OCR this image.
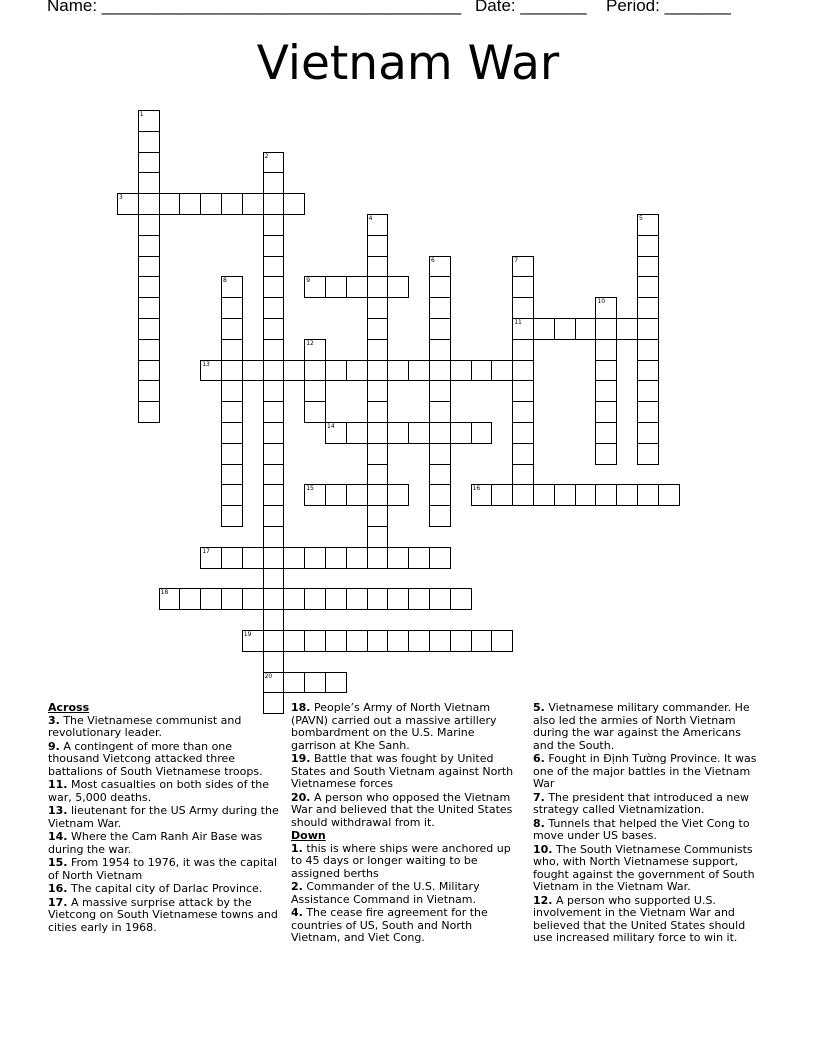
Name: ______________________________________ Date: _______ Period: _______
Vietnam War
1
2
3
4	5
6	7
8	9
10
11
12
13
14
15	16
17
18
19
20
Across
3. The Vietnamese communist and revolutionary leader.
9. A contingent of more than one thousand Vietcong attacked three battalions of South Vietnamese troops.
11. Most casualties on both sides of the war, 5,000 deaths.
13. lieutenant for the US Army during the Vietnam War.
14. Where the Cam Ranh Air Base was during the war.
15. From 1954 to 1976, it was the capital of North Vietnam
16. The capital city of Darlac Province.
17. A massive surprise attack by the Vietcong on South Vietnamese towns and cities early in 1968.
18. People’s Army of North Vietnam (PAVN) carried out a massive artillery bombardment on the U.S. Marine garrison at Khe Sanh.
19. Battle that was fought by United States and South Vietnam against North Vietnamese forces
20. A person who opposed the Vietnam War and believed that the United States should withdrawal from it.
Down
1. this is where ships were anchored up to 45 days or longer waiting to be assigned berths
2. Commander of the U.S. Military Assistance Command in Vietnam.
4. The cease fire agreement for the countries of US, South and North Vietnam, and Viet Cong.
5. Vietnamese military commander. He also led the armies of North Vietnam during the war against the Americans and the South.
6. Fought in Định Tường Province. It was one of the major battles in the Vietnam War
7. The president that introduced a new strategy called Vietnamization.
8. Tunnels that helped the Viet Cong to move under US bases.
10. The South Vietnamese Communists who, with North Vietnamese support, fought against the government of South Vietnam in the Vietnam War.
12. A person who supported U.S. involvement in the Vietnam War and believed that the United States should use increased military force to win it.
